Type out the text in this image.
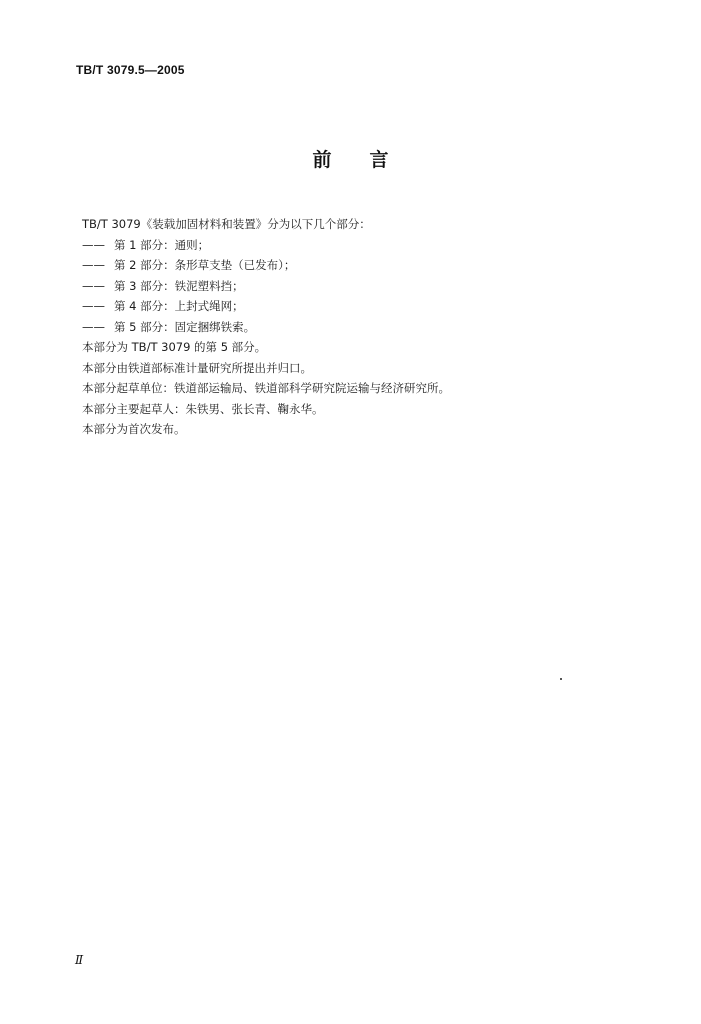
TB/T 3079.5—2005
前言

TB/T 3079《装载加固材料和装置》分为以下几个部分：

—— 第 1 部分：通则；
—— 第 2 部分：条形草支垫（已发布）；
—— 第 3 部分：铁泥塑料挡；
—— 第 4 部分：上封式绳网；
—— 第 5 部分：固定捆绑铁索。

本部分为 TB/T 3079 的第 5 部分。

本部分由铁道部标准计量研究所提出并归口。

本部分起草单位：铁道部运输局、铁道部科学研究院运输与经济研究所。

本部分主要起草人：朱铁男、张长青、鞠永华。

本部分为首次发布。

Ⅱ
